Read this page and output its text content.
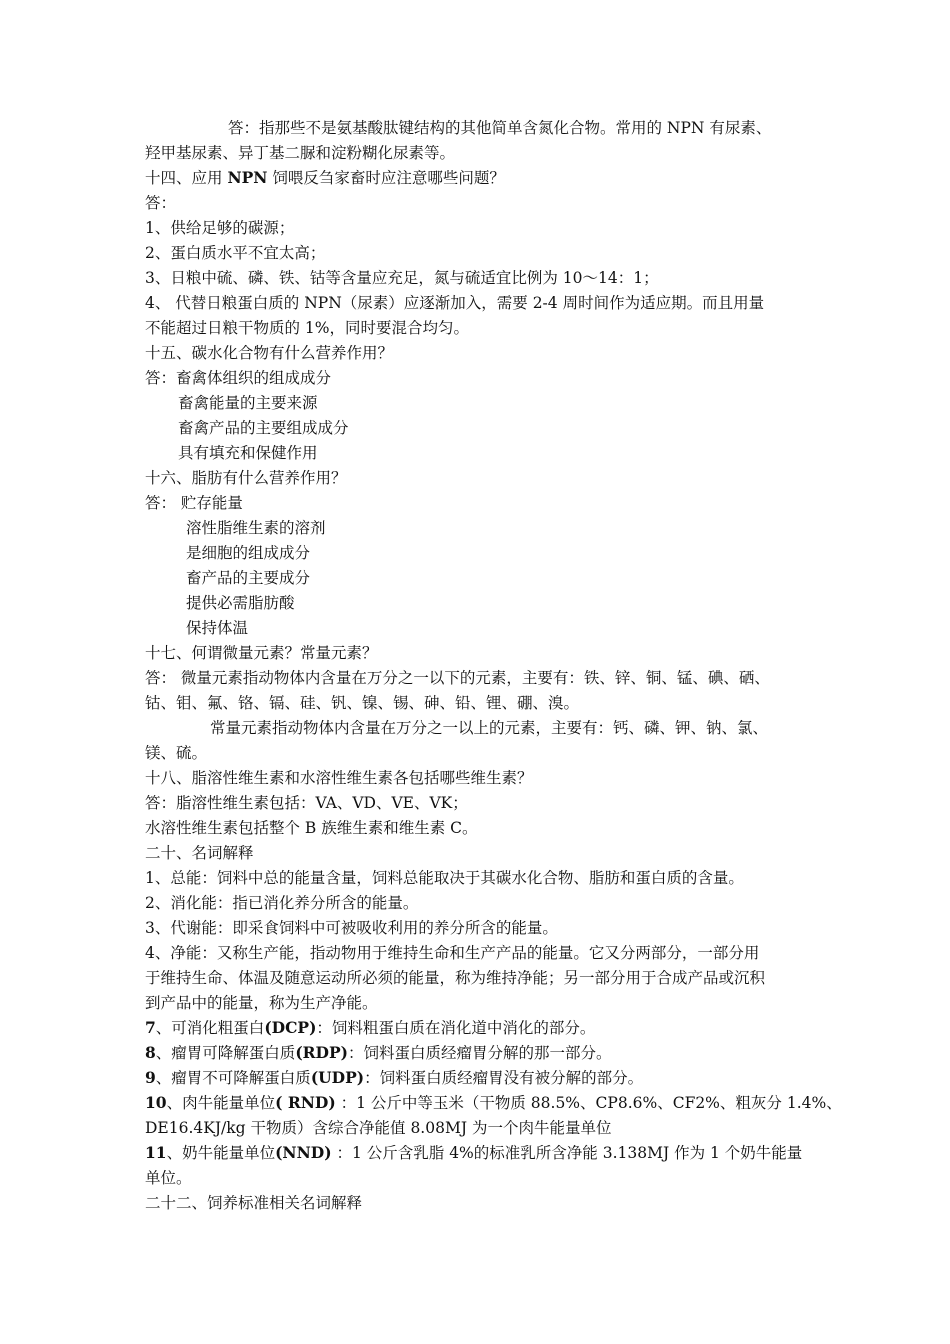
答：指那些不是氨基酸肽键结构的其他简单含氮化合物。常用的 NPN 有尿素、
羟甲基尿素、异丁基二脲和淀粉糊化尿素等。
十四、应用 NPN 饲喂反刍家畜时应注意哪些问题？
答：
1、供给足够的碳源；
2、蛋白质水平不宜太高；
3、日粮中硫、磷、铁、钴等含量应充足，氮与硫适宜比例为 10～14：1；
4、 代替日粮蛋白质的 NPN（尿素）应逐渐加入，需要 2-4 周时间作为适应期。而且用量
不能超过日粮干物质的 1%，同时要混合均匀。
十五、碳水化合物有什么营养作用？
答：畜禽体组织的组成成分
畜禽能量的主要来源
畜禽产品的主要组成成分
具有填充和保健作用
十六、脂肪有什么营养作用？
答： 贮存能量
溶性脂维生素的溶剂
是细胞的组成成分
畜产品的主要成分
提供必需脂肪酸
保持体温
十七、何谓微量元素？常量元素？
答： 微量元素指动物体内含量在万分之一以下的元素，主要有：铁、锌、铜、锰、碘、硒、
钴、钼、氟、铬、镉、硅、钒、镍、锡、砷、铅、锂、硼、溴。
常量元素指动物体内含量在万分之一以上的元素，主要有：钙、磷、钾、钠、氯、
镁、硫。
十八、脂溶性维生素和水溶性维生素各包括哪些维生素？
答：脂溶性维生素包括：VA、VD、VE、VK；
水溶性维生素包括整个 B 族维生素和维生素 C。
二十、名词解释
1、总能：饲料中总的能量含量，饲料总能取决于其碳水化合物、脂肪和蛋白质的含量。
2、消化能：指已消化养分所含的能量。
3、代谢能：即采食饲料中可被吸收利用的养分所含的能量。
4、净能：又称生产能，指动物用于维持生命和生产产品的能量。它又分两部分，一部分用
于维持生命、体温及随意运动所必须的能量，称为维持净能；另一部分用于合成产品或沉积
到产品中的能量，称为生产净能。
7、可消化粗蛋白(DCP)：饲料粗蛋白质在消化道中消化的部分。
8、瘤胃可降解蛋白质(RDP)：饲料蛋白质经瘤胃分解的那一部分。
9、瘤胃不可降解蛋白质(UDP)：饲料蛋白质经瘤胃没有被分解的部分。
10、肉牛能量单位( RND) ：1 公斤中等玉米（干物质 88.5%、CP8.6%、CF2%、粗灰分 1.4%、
DE16.4KJ/kg 干物质）含综合净能值 8.08MJ 为一个肉牛能量单位
11、奶牛能量单位(NND) ：1 公斤含乳脂 4%的标准乳所含净能 3.138MJ 作为 1 个奶牛能量
单位。
二十二、饲养标准相关名词解释
